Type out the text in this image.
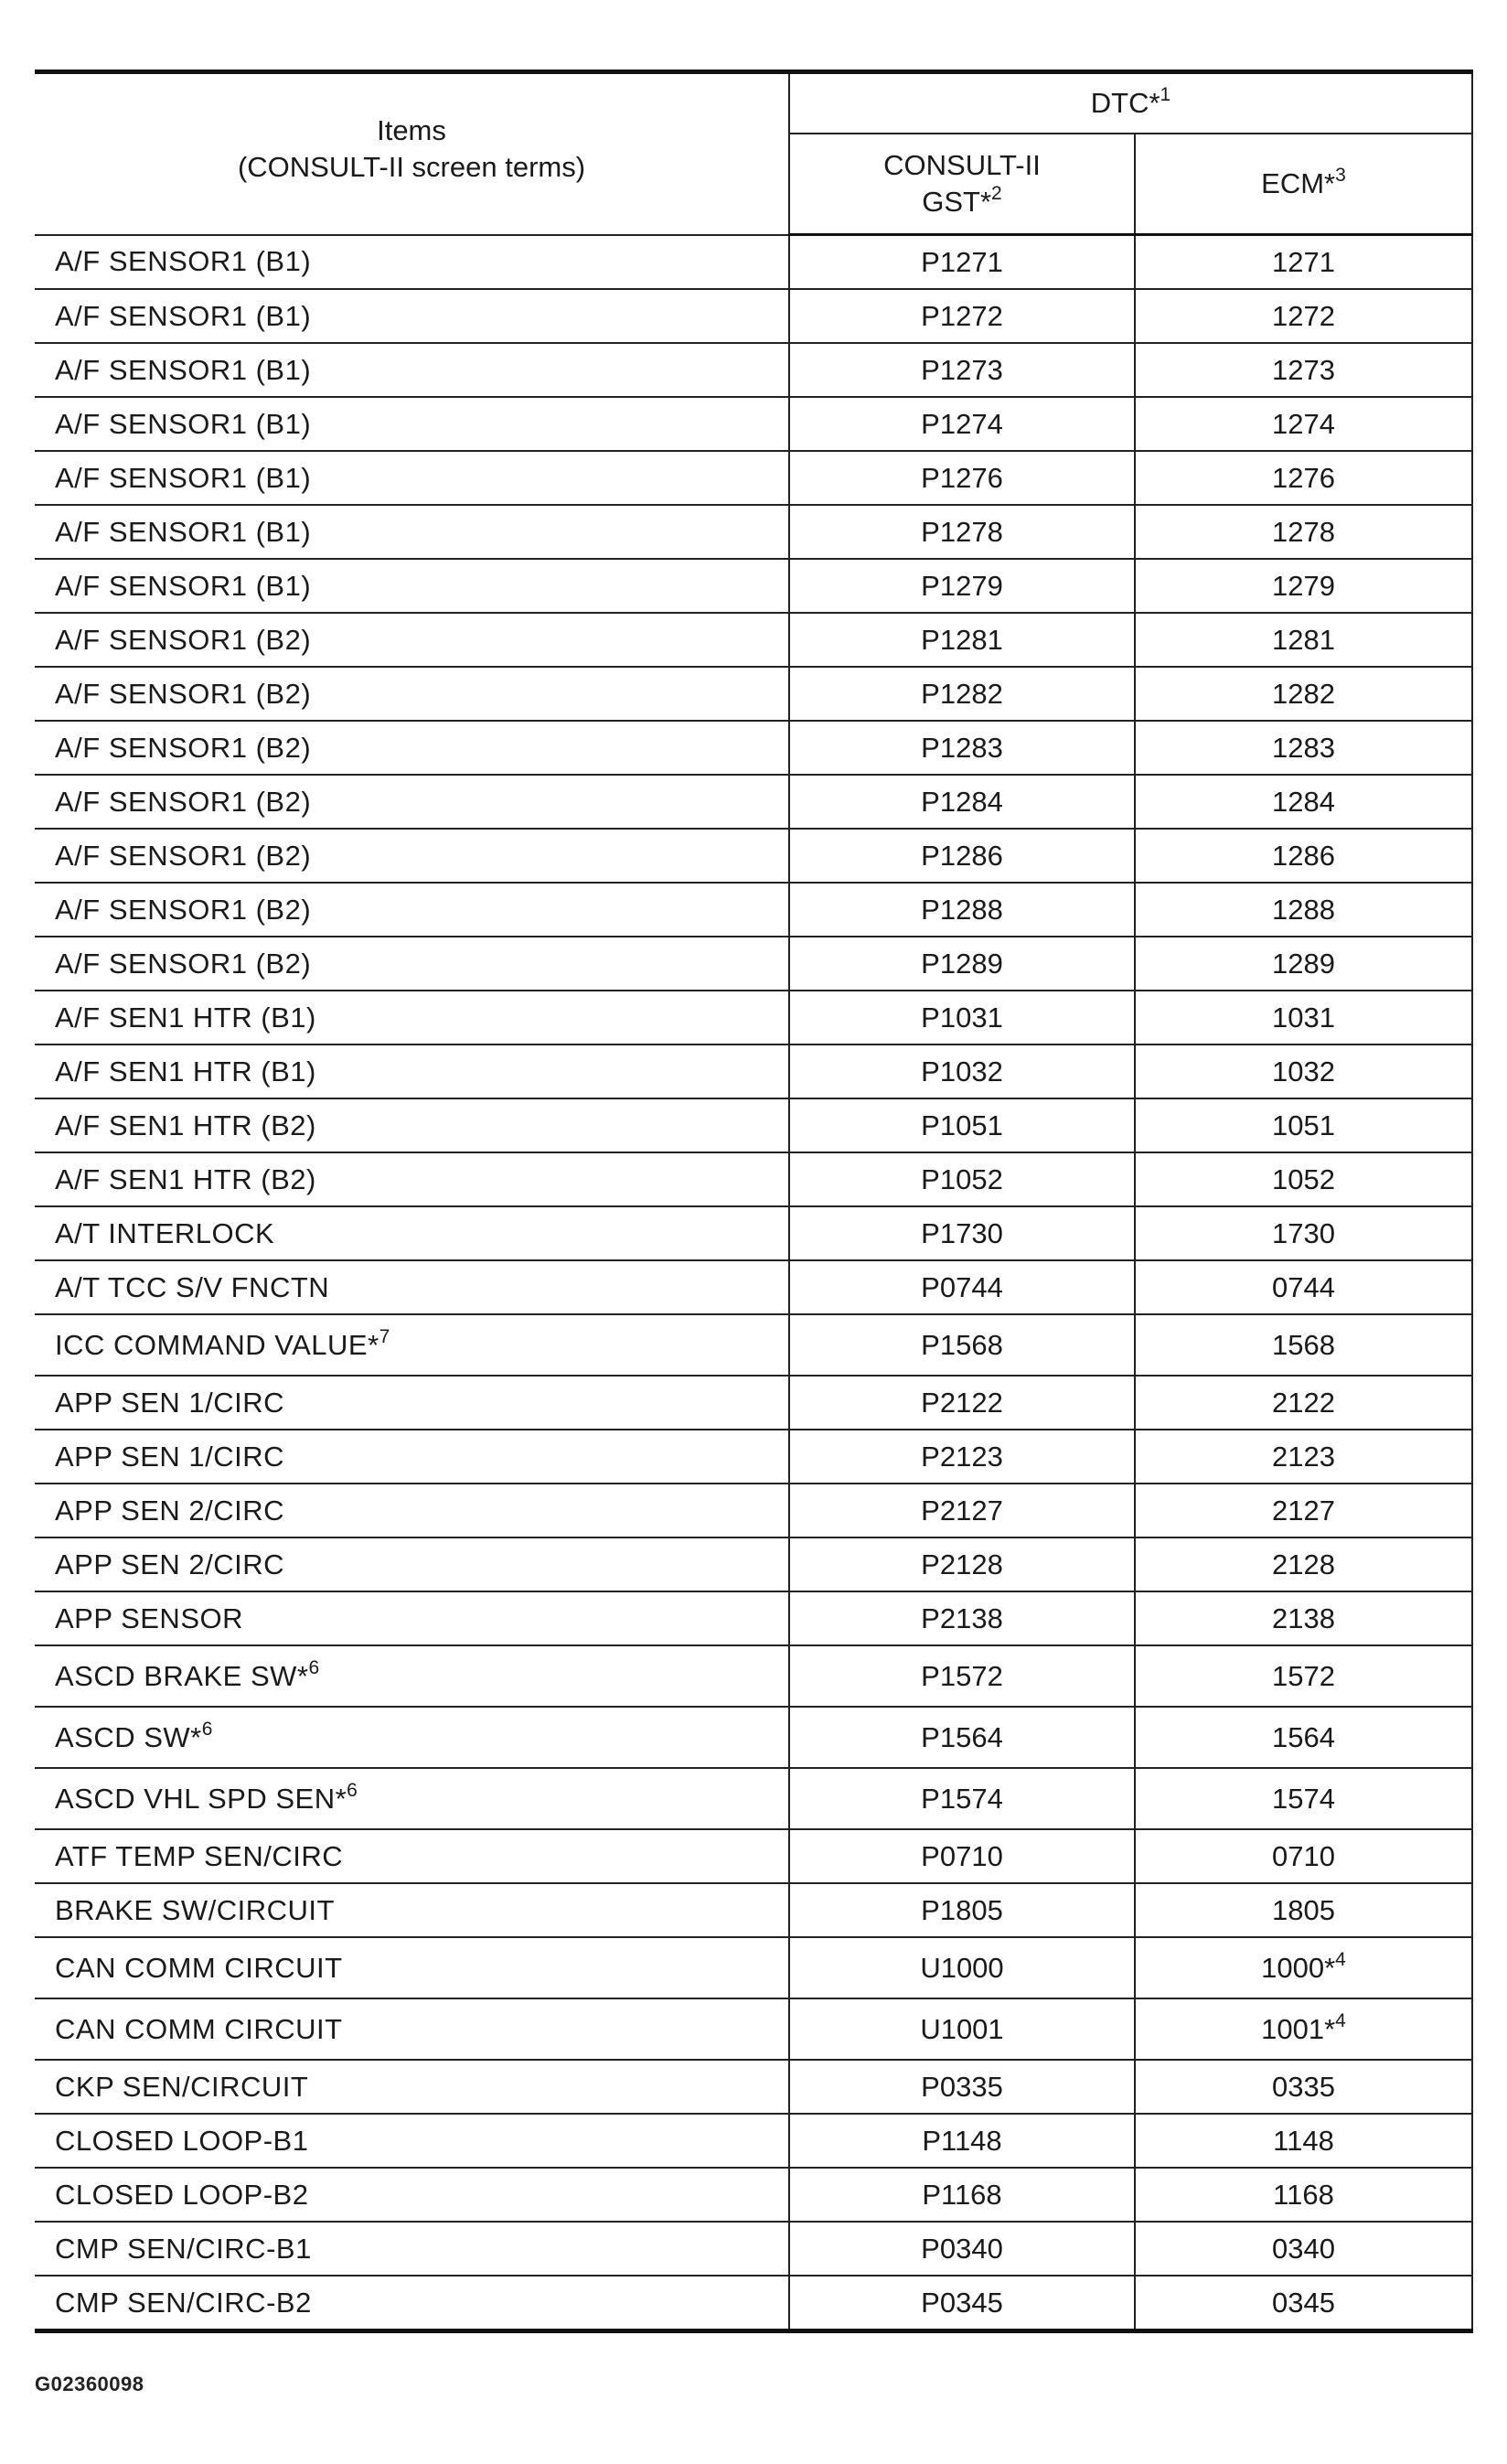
Items
(CONSULT-II screen terms)	DTC*$^1$
	CONSULT-II
GST*$^2$	ECM*$^3$
A/F SENSOR1 (B1)	P1271	1271
A/F SENSOR1 (B1)	P1272	1272
A/F SENSOR1 (B1)	P1273	1273
A/F SENSOR1 (B1)	P1274	1274
A/F SENSOR1 (B1)	P1276	1276
A/F SENSOR1 (B1)	P1278	1278
A/F SENSOR1 (B1)	P1279	1279
A/F SENSOR1 (B2)	P1281	1281
A/F SENSOR1 (B2)	P1282	1282
A/F SENSOR1 (B2)	P1283	1283
A/F SENSOR1 (B2)	P1284	1284
A/F SENSOR1 (B2)	P1286	1286
A/F SENSOR1 (B2)	P1288	1288
A/F SENSOR1 (B2)	P1289	1289
A/F SEN1 HTR (B1)	P1031	1031
A/F SEN1 HTR (B1)	P1032	1032
A/F SEN1 HTR (B2)	P1051	1051
A/F SEN1 HTR (B2)	P1052	1052
A/T INTERLOCK	P1730	1730
A/T TCC S/V FNCTN	P0744	0744
ICC COMMAND VALUE*$^7$	P1568	1568
APP SEN 1/CIRC	P2122	2122
APP SEN 1/CIRC	P2123	2123
APP SEN 2/CIRC	P2127	2127
APP SEN 2/CIRC	P2128	2128
APP SENSOR	P2138	2138
ASCD BRAKE SW*$^6$	P1572	1572
ASCD SW*$^6$	P1564	1564
ASCD VHL SPD SEN*$^6$	P1574	1574
ATF TEMP SEN/CIRC	P0710	0710
BRAKE SW/CIRCUIT	P1805	1805
CAN COMM CIRCUIT	U1000	1000*$^4$
CAN COMM CIRCUIT	U1001	1001*$^4$
CKP SEN/CIRCUIT	P0335	0335
CLOSED LOOP-B1	P1148	1148
CLOSED LOOP-B2	P1168	1168
CMP SEN/CIRC-B1	P0340	0340
CMP SEN/CIRC-B2	P0345	0345
G02360098
